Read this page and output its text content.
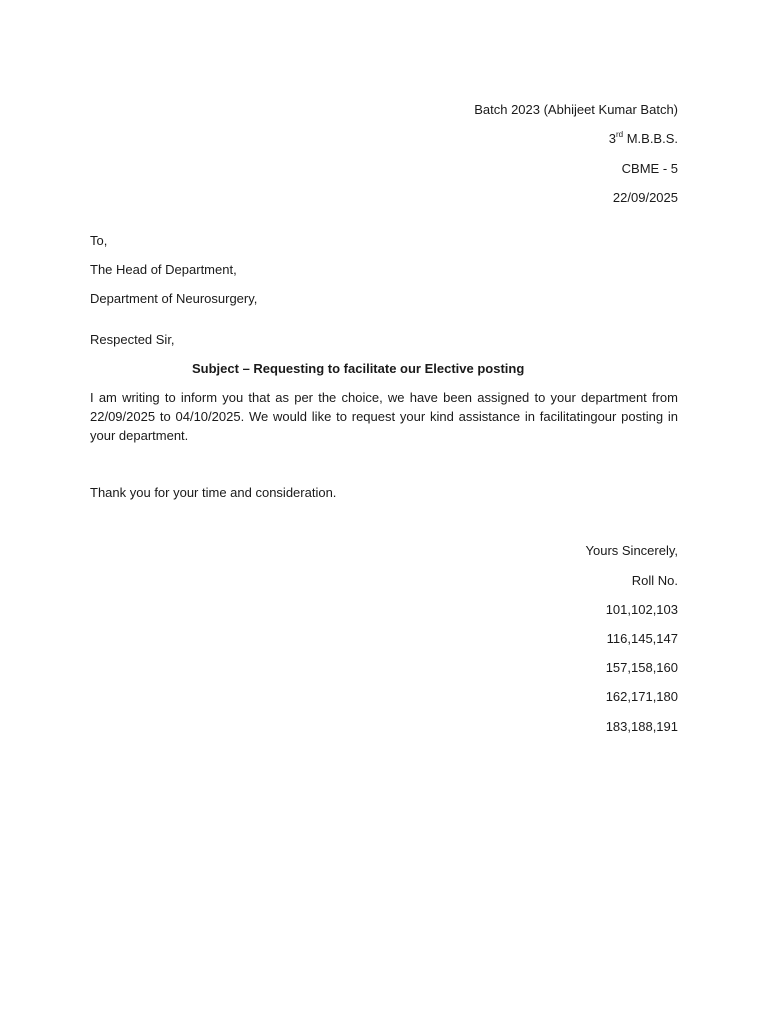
Batch 2023 (Abhijeet Kumar Batch)
3rd M.B.B.S.
CBME - 5
22/09/2025
To,
The Head of Department,
Department of Neurosurgery,
Respected Sir,
Subject – Requesting to facilitate our Elective posting
I am writing to inform you that as per the choice, we have been assigned to your department from 22/09/2025 to 04/10/2025. We would like to request your kind assistance in facilitatingour posting in your department.
Thank you for your time and consideration.
Yours Sincerely,
Roll No.
101,102,103
116,145,147
157,158,160
162,171,180
183,188,191
